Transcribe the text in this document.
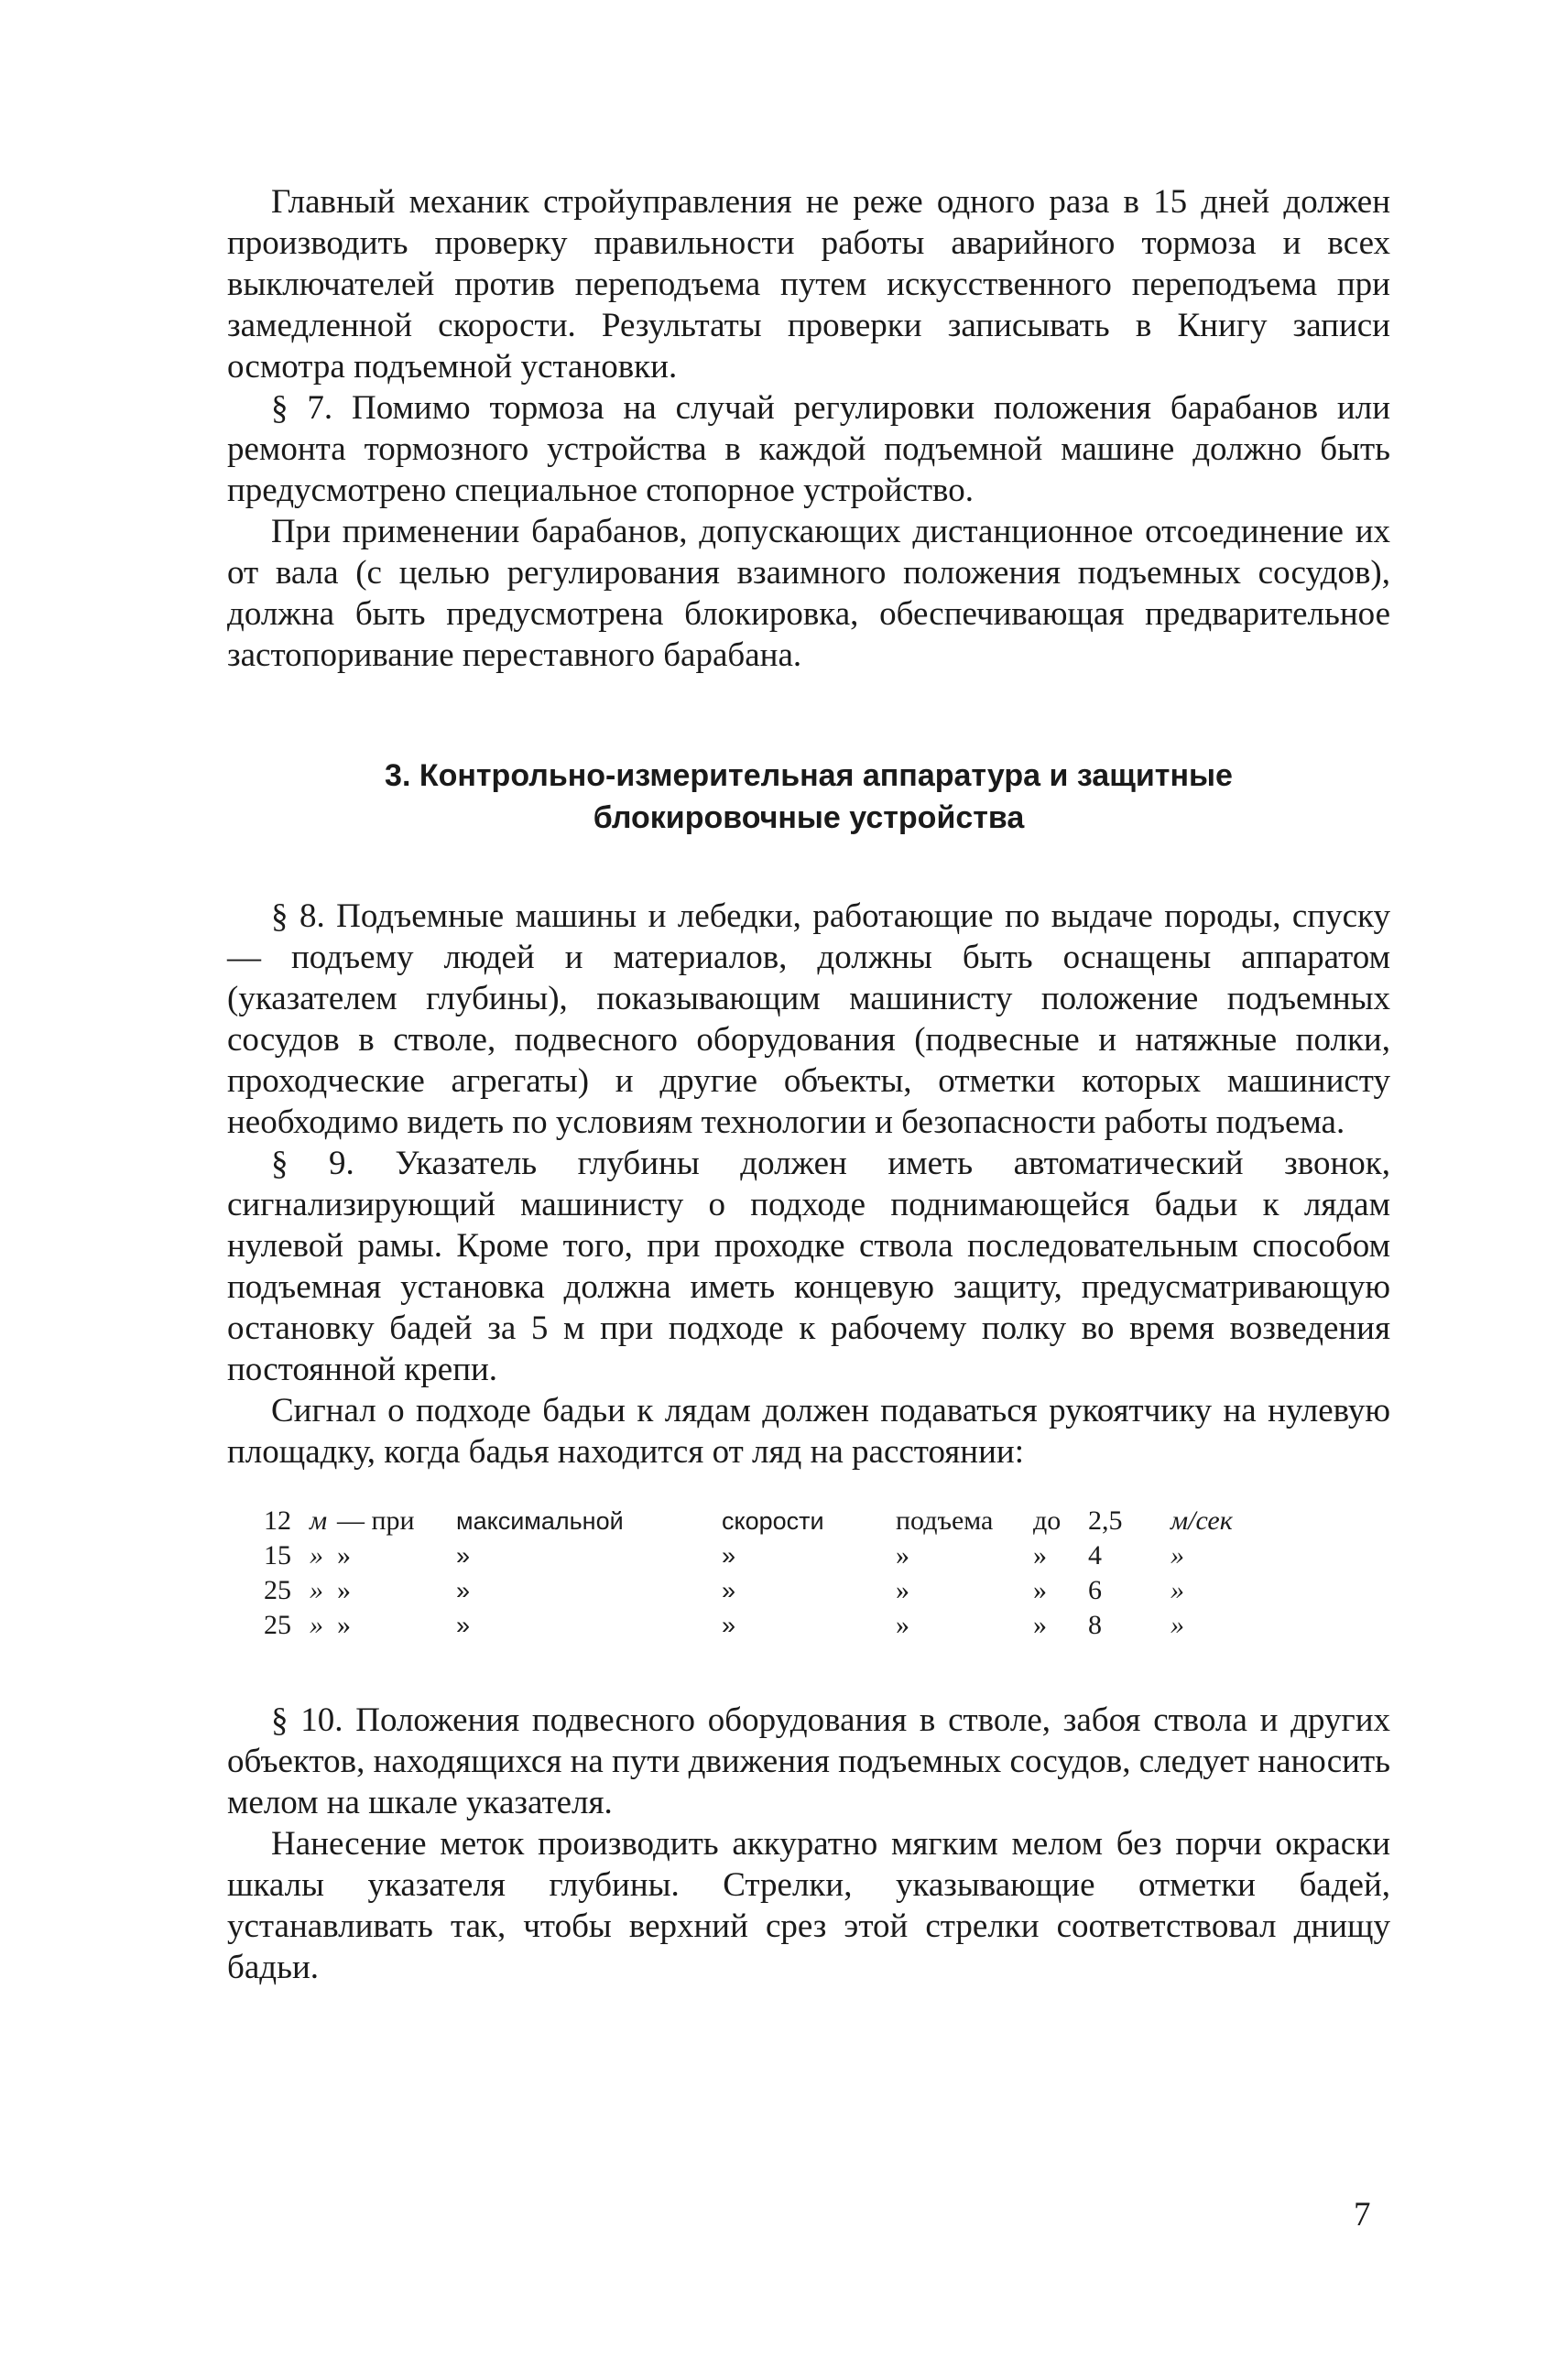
Главный механик стройуправления не реже одного раза в 15 дней должен производить проверку правильности работы аварийного тормоза и всех выключателей против переподъема путем искусственного переподъема при замедленной скорости. Результаты проверки записывать в Книгу записи осмотра подъемной установки.

§ 7. Помимо тормоза на случай регулировки положения барабанов или ремонта тормозного устройства в каждой подъемной машине должно быть предусмотрено специальное стопорное устройство.

При применении барабанов, допускающих дистанционное отсоединение их от вала (с целью регулирования взаимного положения подъемных сосудов), должна быть предусмотрена блокировка, обеспечивающая предварительное застопоривание переставного барабана.

3. Контрольно-измерительная аппаратура и защитные

блокировочные устройства

§ 8. Подъемные машины и лебедки, работающие по выдаче породы, спуску — подъему людей и материалов, должны быть оснащены аппаратом (указателем глубины), показывающим машинисту положение подъемных сосудов в стволе, подвесного оборудования (подвесные и натяжные полки, проходческие агрегаты) и другие объекты, отметки которых машинисту необходимо видеть по условиям технологии и безопасности работы подъема.

§ 9. Указатель глубины должен иметь автоматический звонок, сигнализирующий машинисту о подходе поднимающейся бадьи к лядам нулевой рамы. Кроме того, при проходке ствола последовательным способом подъемная установка должна иметь концевую защиту, предусматривающую остановку бадей за 5 м при подходе к рабочему полку во время возведения постоянной крепи.

Сигнал о подходе бадьи к лядам должен подаваться рукоятчику на нулевую площадку, когда бадья находится от ляд на расстоянии:

12	м	— при	максимальной	скорости	подъема	до	2,5	м/сек
15	»	»	»	»	»	»	4	»
25	»	»	»	»	»	»	6	»
25	»	»	»	»	»	»	8	»

§ 10. Положения подвесного оборудования в стволе, забоя ствола и других объектов, находящихся на пути движения подъемных сосудов, следует наносить мелом на шкале указателя.

Нанесение меток производить аккуратно мягким мелом без порчи окраски шкалы указателя глубины. Стрелки, указывающие отметки бадей, устанавливать так, чтобы верхний срез этой стрелки соответствовал днищу бадьи.

7
